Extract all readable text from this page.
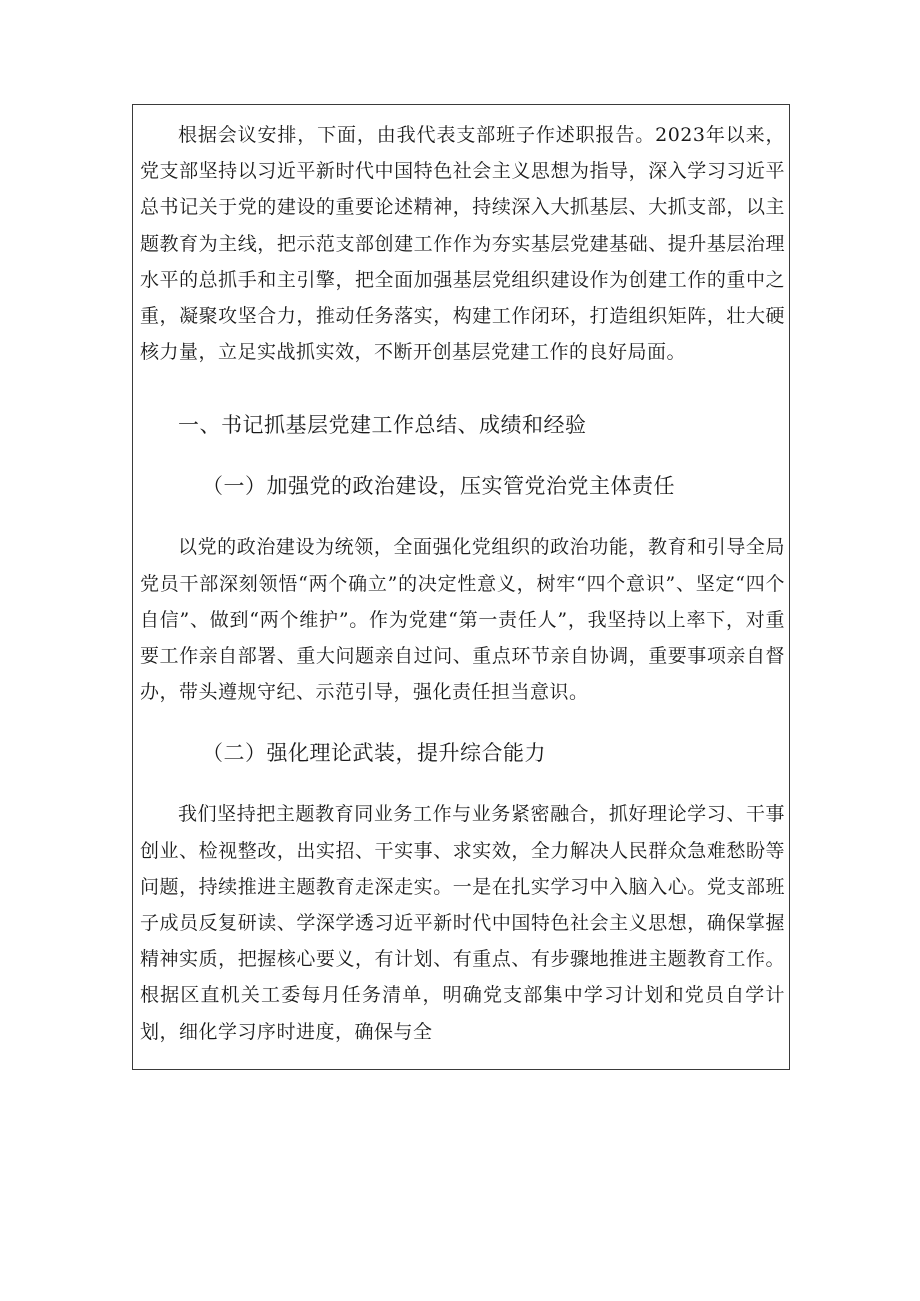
根据会议安排，下面，由我代表支部班子作述职报告。2023年以来，党支部坚持以习近平新时代中国特色社会主义思想为指导，深入学习习近平总书记关于党的建设的重要论述精神，持续深入大抓基层、大抓支部，以主题教育为主线，把示范支部创建工作作为夯实基层党建基础、提升基层治理水平的总抓手和主引擎，把全面加强基层党组织建设作为创建工作的重中之重，凝聚攻坚合力，推动任务落实，构建工作闭环，打造组织矩阵，壮大硬核力量，立足实战抓实效，不断开创基层党建工作的良好局面。

一、书记抓基层党建工作总结、成绩和经验

（一）加强党的政治建设，压实管党治党主体责任

以党的政治建设为统领，全面强化党组织的政治功能，教育和引导全局党员干部深刻领悟“两个确立”的决定性意义，树牢“四个意识”、坚定“四个自信”、做到“两个维护”。作为党建“第一责任人”，我坚持以上率下，对重要工作亲自部署、重大问题亲自过问、重点环节亲自协调，重要事项亲自督办，带头遵规守纪、示范引导，强化责任担当意识。

（二）强化理论武装，提升综合能力

我们坚持把主题教育同业务工作与业务紧密融合，抓好理论学习、干事创业、检视整改，出实招、干实事、求实效，全力解决人民群众急难愁盼等问题，持续推进主题教育走深走实。一是在扎实学习中入脑入心。党支部班子成员反复研读、学深学透习近平新时代中国特色社会主义思想，确保掌握精神实质，把握核心要义，有计划、有重点、有步骤地推进主题教育工作。根据区直机关工委每月任务清单，明确党支部集中学习计划和党员自学计划，细化学习序时进度，确保与全
